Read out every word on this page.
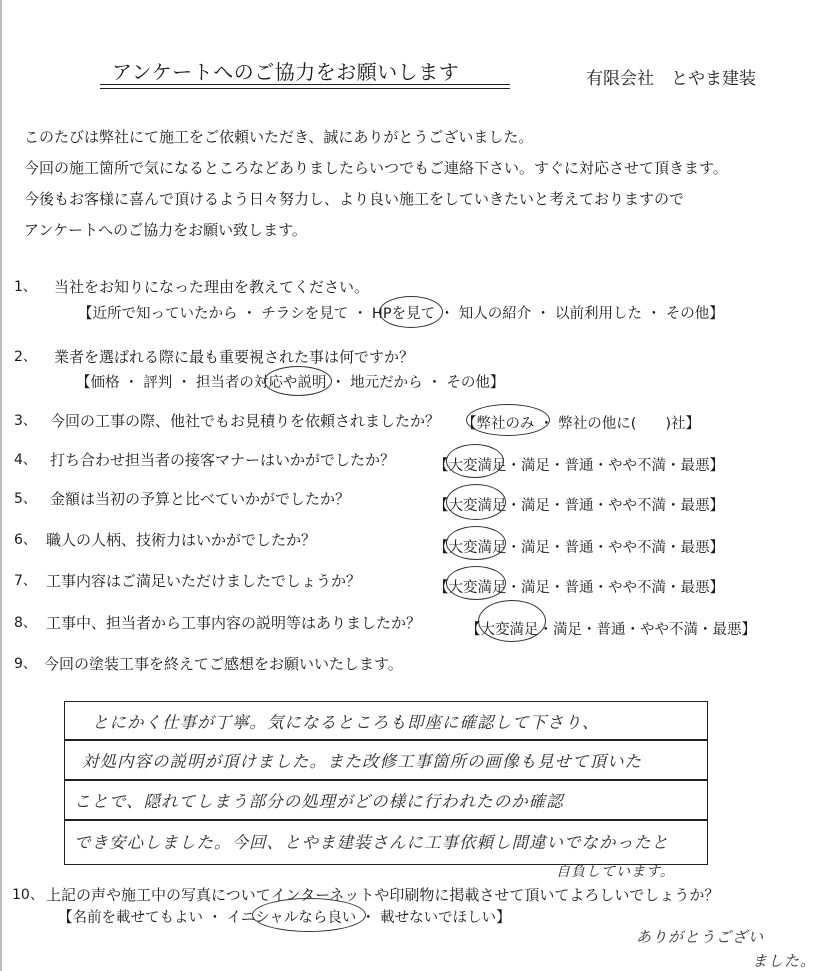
アンケートへのご協力をお願いします	有限会社　とやま建装
このたびは弊社にて施工をご依頼いただき、誠にありがとうございました。
今回の施工箇所で気になるところなどありましたらいつでもご連絡下さい。すぐに対応させて頂きます。
今後もお客様に喜んで頂けるよう日々努力し、より良い施工をしていきたいと考えておりますので
アンケートへのご協力をお願い致します。
1、 当社をお知りになった理由を教えてください。
【近所で知っていたから ・ チラシを見て ・ HPを見て ・ 知人の紹介 ・ 以前利用した ・ その他】
2、 業者を選ばれる際に最も重要視された事は何ですか？
【価格 ・ 評判 ・ 担当者の対応や説明 ・ 地元だから ・ その他】
3、 今回の工事の際、他社でもお見積りを依頼されましたか？ 【弊社のみ ・ 弊社の他に(　　)社】
4、 打ち合わせ担当者の接客マナーはいかがでしたか？	【大変満足・満足・普通・やや不満・最悪】
5、 金額は当初の予算と比べていかがでしたか？	【大変満足・満足・普通・やや不満・最悪】
6、 職人の人柄、技術力はいかがでしたか？	【大変満足・満足・普通・やや不満・最悪】
7、 工事内容はご満足いただけましたでしょうか？	【大変満足・満足・普通・やや不満・最悪】
8、 工事中、担当者から工事内容の説明等はありましたか？	【大変満足・満足・普通・やや不満・最悪】
9、 今回の塗装工事を終えてご感想をお願いいたします。
とにかく仕事が丁寧。気になるところも即座に確認して下さり、
対処内容の説明が頂けました。また改修工事箇所の画像も見せて頂いた
ことで、隠れてしまう部分の処理がどの様に行われたのか確認
でき安心しました。今回、とやま建装さんに工事依頼し間違いでなかったと
自負しています。
10、 上記の声や施工中の写真についてインターネットや印刷物に掲載させて頂いてよろしいでしょうか？
【名前を載せてもよい ・ イニシャルなら良い ・ 載せないでほしい】
ありがとうござい
ました。
